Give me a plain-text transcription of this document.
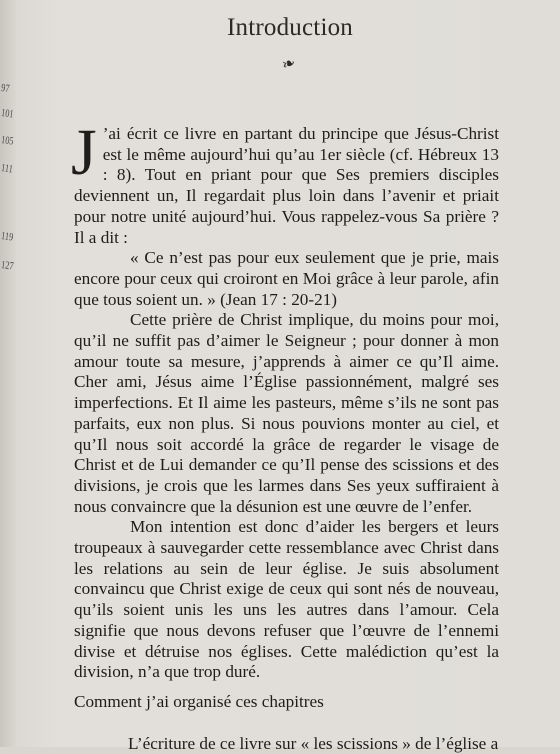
Introduction
❧
97
101
105
111
119
127

J ’ai écrit ce livre en partant du principe que Jésus-Christ est le même aujourd’hui qu’au 1er siècle (cf. Hébreux 13 : 8). Tout en priant pour que Ses premiers disciples deviennent un, Il regardait plus loin dans l’avenir et priait pour notre unité aujourd’hui. Vous rappelez-vous Sa prière ? Il a dit :

« Ce n’est pas pour eux seulement que je prie, mais encore pour ceux qui croiront en Moi grâce à leur parole, afin que tous soient un. » (Jean 17 : 20-21)

Cette prière de Christ implique, du moins pour moi, qu’il ne suffit pas d’aimer le Seigneur ; pour donner à mon amour toute sa mesure, j’apprends à aimer ce qu’Il aime. Cher ami, Jésus aime l’Église passionnément, malgré ses imperfections. Et Il aime les pasteurs, même s’ils ne sont pas parfaits, eux non plus. Si nous pouvions monter au ciel, et qu’Il nous soit accordé la grâce de regarder le visage de Christ et de Lui demander ce qu’Il pense des scissions et des divisions, je crois que les larmes dans Ses yeux suffiraient à nous convaincre que la désunion est une œuvre de l’enfer.

Mon intention est donc d’aider les bergers et leurs troupeaux à sauvegarder cette ressemblance avec Christ dans les relations au sein de leur église. Je suis absolument convaincu que Christ exige de ceux qui sont nés de nouveau, qu’ils soient unis les uns les autres dans l’amour. Cela signifie que nous devons refuser que l’œuvre de l’ennemi divise et détruise nos églises. Cette malédiction qu’est la division, n’a que trop duré.

Comment j’ai organisé ces chapitres
L’écriture de ce livre sur « les scissions » de l’église a
